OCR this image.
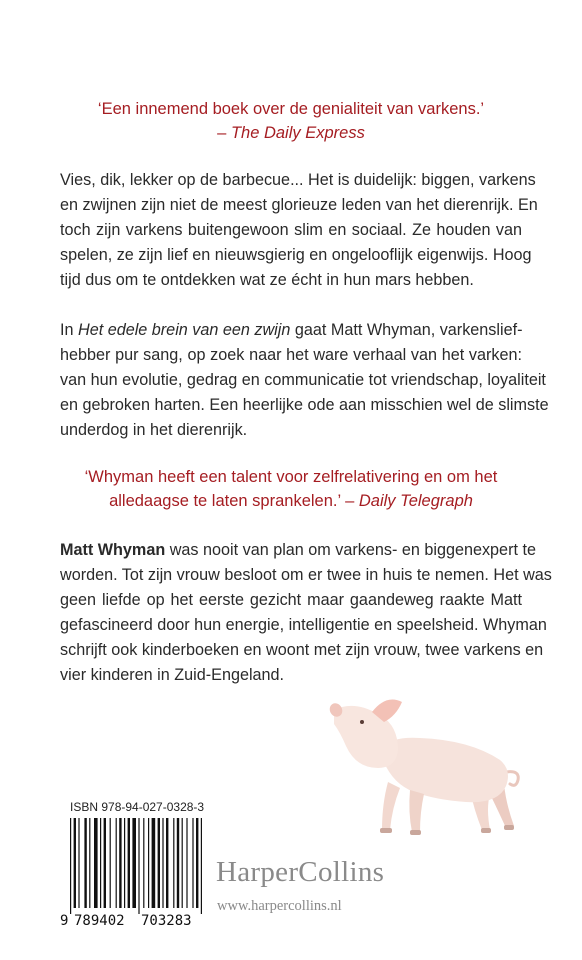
‘Een innemend boek over de genialiteit van varkens.’
– The Daily Express
Vies, dik, lekker op de barbecue... Het is duidelijk: biggen, varkens
en zwijnen zijn niet de meest glorieuze leden van het dierenrijk. En
toch zijn varkens buitengewoon slim en sociaal. Ze houden van
spelen, ze zijn lief en nieuwsgierig en ongelooflijk eigenwijs. Hoog
tijd dus om te ontdekken wat ze écht in hun mars hebben.
In Het edele brein van een zwijn gaat Matt Whyman, varkenslief-
hebber pur sang, op zoek naar het ware verhaal van het varken:
van hun evolutie, gedrag en communicatie tot vriendschap, loyaliteit
en gebroken harten. Een heerlijke ode aan misschien wel de slimste
underdog in het dierenrijk.
‘Whyman heeft een talent voor zelfrelativering en om het
alledaagse te laten sprankelen.’ – Daily Telegraph
Matt Whyman was nooit van plan om varkens- en biggenexpert te
worden. Tot zijn vrouw besloot om er twee in huis te nemen. Het was
geen liefde op het eerste gezicht maar gaandeweg raakte Matt
gefascineerd door hun energie, intelligentie en speelsheid. Whyman
schrijft ook kinderboeken en woont met zijn vrouw, twee varkens en
vier kinderen in Zuid-Engeland.
ISBN 978-94-027-0328-3
9 789402 703283
HarperCollins
www.harpercollins.nl
